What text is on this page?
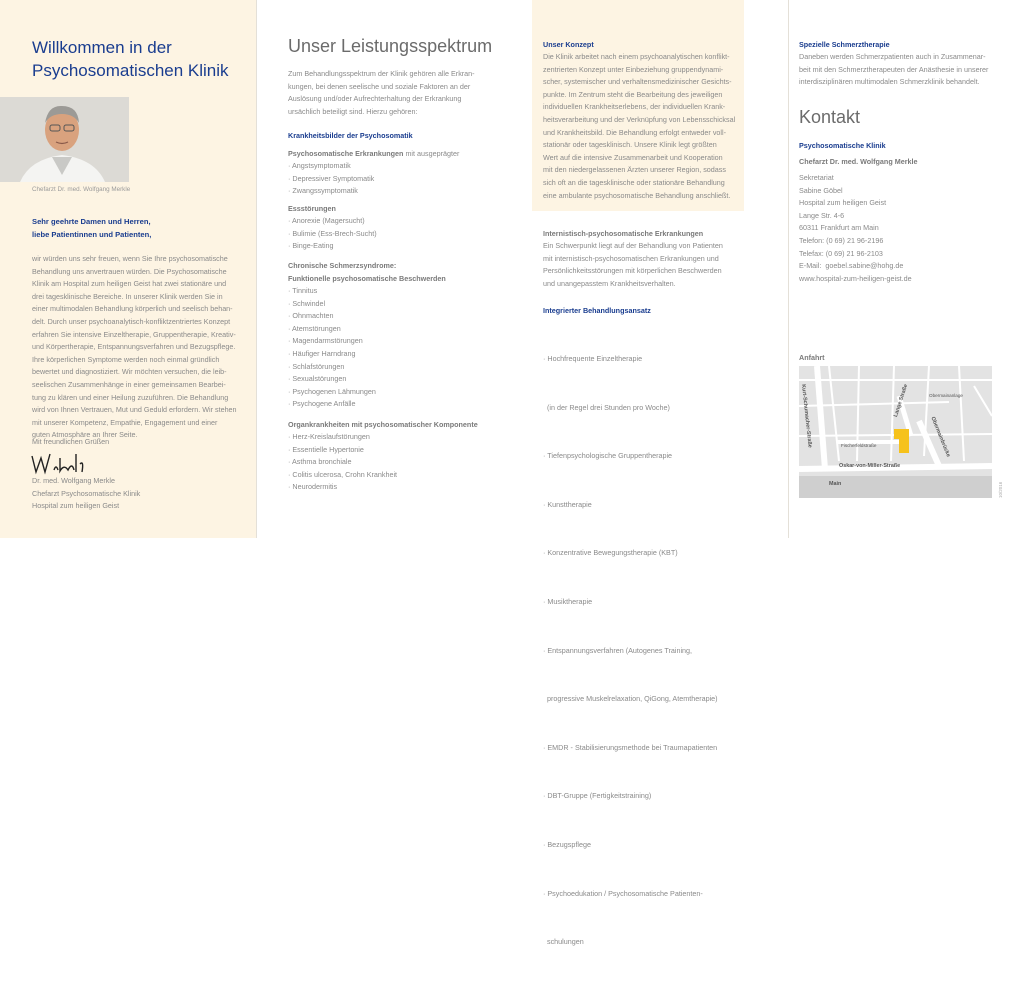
Willkommen in der
Psychosomatischen Klinik
Chefarzt Dr. med. Wolfgang Merkle
Sehr geehrte Damen und Herren,
liebe Patientinnen und Patienten,
wir würden uns sehr freuen, wenn Sie Ihre psychosomatische
Behandlung uns anvertrauen würden. Die Psychosomatische
Klinik am Hospital zum heiligen Geist hat zwei stationäre und
drei tagesklinische Bereiche. In unserer Klinik werden Sie in
einer multimodalen Behandlung körperlich und seelisch behan-
delt. Durch unser psychoanalytisch-konfliktzentriertes Konzept
erfahren Sie intensive Einzeltherapie, Gruppentherapie, Kreativ-
und Körpertherapie, Entspannungsverfahren und Bezugspflege.
Ihre körperlichen Symptome werden noch einmal gründlich
bewertet und diagnostiziert. Wir möchten versuchen, die leib-
seelischen Zusammenhänge in einer gemeinsamen Bearbei-
tung zu klären und einer Heilung zuzuführen. Die Behandlung
wird von Ihnen Vertrauen, Mut und Geduld erfordern. Wir stehen
mit unserer Kompetenz, Empathie, Engagement und einer
guten Atmosphäre an Ihrer Seite.
Mit freundlichen Grüßen
Dr. med. Wolfgang Merkle
Chefarzt Psychosomatische Klinik
Hospital zum heiligen Geist
Unser Leistungsspektrum
Zum Behandlungsspektrum der Klinik gehören alle Erkran-
kungen, bei denen seelische und soziale Faktoren an der
Auslösung und/oder Aufrechterhaltung der Erkrankung
ursächlich beteiligt sind. Hierzu gehören:
Krankheitsbilder der Psychosomatik
Psychosomatische Erkrankungen mit ausgeprägter
· Angstsymptomatik
· Depressiver Symptomatik
· Zwangssymptomatik
Essstörungen
· Anorexie (Magersucht)
· Bulimie (Ess-Brech-Sucht)
· Binge-Eating
Chronische Schmerzsyndrome:
Funktionelle psychosomatische Beschwerden
· Tinnitus
· Schwindel
· Ohnmachten
· Atemstörungen
· Magendarmstörungen
· Häufiger Harndrang
· Schlafstörungen
· Sexualstörungen
· Psychogenen Lähmungen
· Psychogene Anfälle
Organkrankheiten mit psychosomatischer Komponente
· Herz-Kreislaufstörungen
· Essentielle Hypertonie
· Asthma bronchiale
· Colitis ulcerosa, Crohn Krankheit
· Neurodermitis
Unser Konzept
Die Klinik arbeitet nach einem psychoanalytischen konflikt-
zentrierten Konzept unter Einbeziehung gruppendynami-
scher, systemischer und verhaltensmedizinischer Gesichts-
punkte. Im Zentrum steht die Bearbeitung des jeweiligen
individuellen Krankheitserlebens, der individuellen Krank-
heitsverarbeitung und der Verknüpfung von Lebensschicksal
und Krankheitsbild. Die Behandlung erfolgt entweder voll-
stationär oder tagesklinisch. Unsere Klinik legt größten
Wert auf die intensive Zusammenarbeit und Kooperation
mit den niedergelassenen Ärzten unserer Region, sodass
sich oft an die tagesklinische oder stationäre Behandlung
eine ambulante psychosomatische Behandlung anschließt.
Internistisch-psychosomatische Erkrankungen
Ein Schwerpunkt liegt auf der Behandlung von Patienten
mit internistisch-psychosomatischen Erkrankungen und
Persönlichkeitsstörungen mit körperlichen Beschwerden
und unangepasstem Krankheitsverhalten.
Integrierter Behandlungsansatz

· Hochfrequente Einzeltherapie

(in der Regel drei Stunden pro Woche)

· Tiefenpsychologische Gruppentherapie

· Kunsttherapie

· Konzentrative Bewegungstherapie (KBT)

· Musiktherapie

· Entspannungsverfahren (Autogenes Training,

progressive Muskelrelaxation, QiGong, Atemtherapie)

· EMDR - Stabilisierungsmethode bei Traumapatienten

· DBT-Gruppe (Fertigkeitstraining)

· Bezugspflege

· Psychoedukation / Psychosomatische Patienten-

schulungen

Spezielle Schmerztherapie
Daneben werden Schmerzpatienten auch in Zusammenar-
beit mit den Schmerztherapeuten der Anästhesie in unserer
interdisziplinären multimodalen Schmerzklinik behandelt.
Kontakt
Psychosomatische Klinik
Chefarzt Dr. med. Wolfgang Merkle
Sekretariat
Sabine Göbel
Hospital zum heiligen Geist
Lange Str. 4-6
60311 Frankfurt am Main
Telefon: (0 69) 21 96-2196
Telefax: (0 69) 21 96-2103
E-Mail:  goebel.sabine@hohg.de
www.hospital-zum-heiligen-geist.de
Anfahrt
Kurt-Schumacher-Straße	Lange Straße	Obermainanlage
Obermainbrücke
Fischerfeldstraße
Oskar-von-Miller-Straße
Main	10/2016
